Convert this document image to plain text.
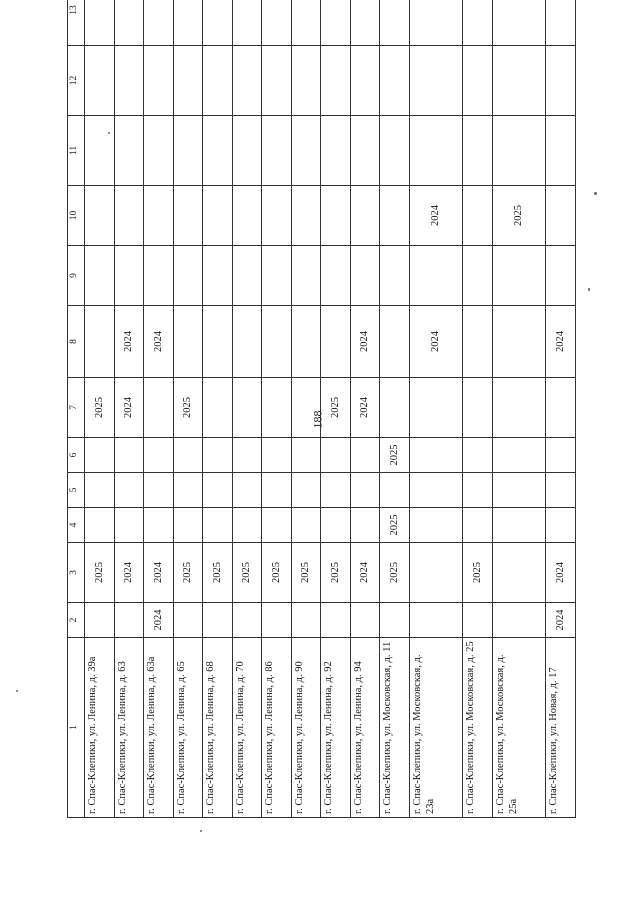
188
1	2	3	4	5	6	7	8	9	10	11	12	13
г. Спас-Клепики, ул. Ленина, д. 39а		2025				2025						
г. Спас-Клепики, ул. Ленина, д. 63		2024				2024	2024					
г. Спас-Клепики, ул. Ленина, д. 63а	2024	2024					2024					
г. Спас-Клепики, ул. Ленина, д. 65		2025				2025						
г. Спас-Клепики, ул. Ленина, д. 68		2025										
г. Спас-Клепики, ул. Ленина, д. 70		2025										
г. Спас-Клепики, ул. Ленина, д. 86		2025										
г. Спас-Клепики, ул. Ленина, д. 90		2025										
г. Спас-Клепики, ул. Ленина, д. 92		2025				2025						
г. Спас-Клепики, ул. Ленина, д. 94		2024				2024	2024					
г. Спас-Клепики, ул. Московская, д. 11		2025	2025		2025							
г. Спас-Клепики, ул. Московская, д. 23а							2024		2024			
г. Спас-Клепики, ул. Московская, д. 25		2025										
г. Спас-Клепики, ул. Московская, д. 25а									2025			
г. Спас-Клепики, ул. Новая, д. 17	2024	2024					2024					
